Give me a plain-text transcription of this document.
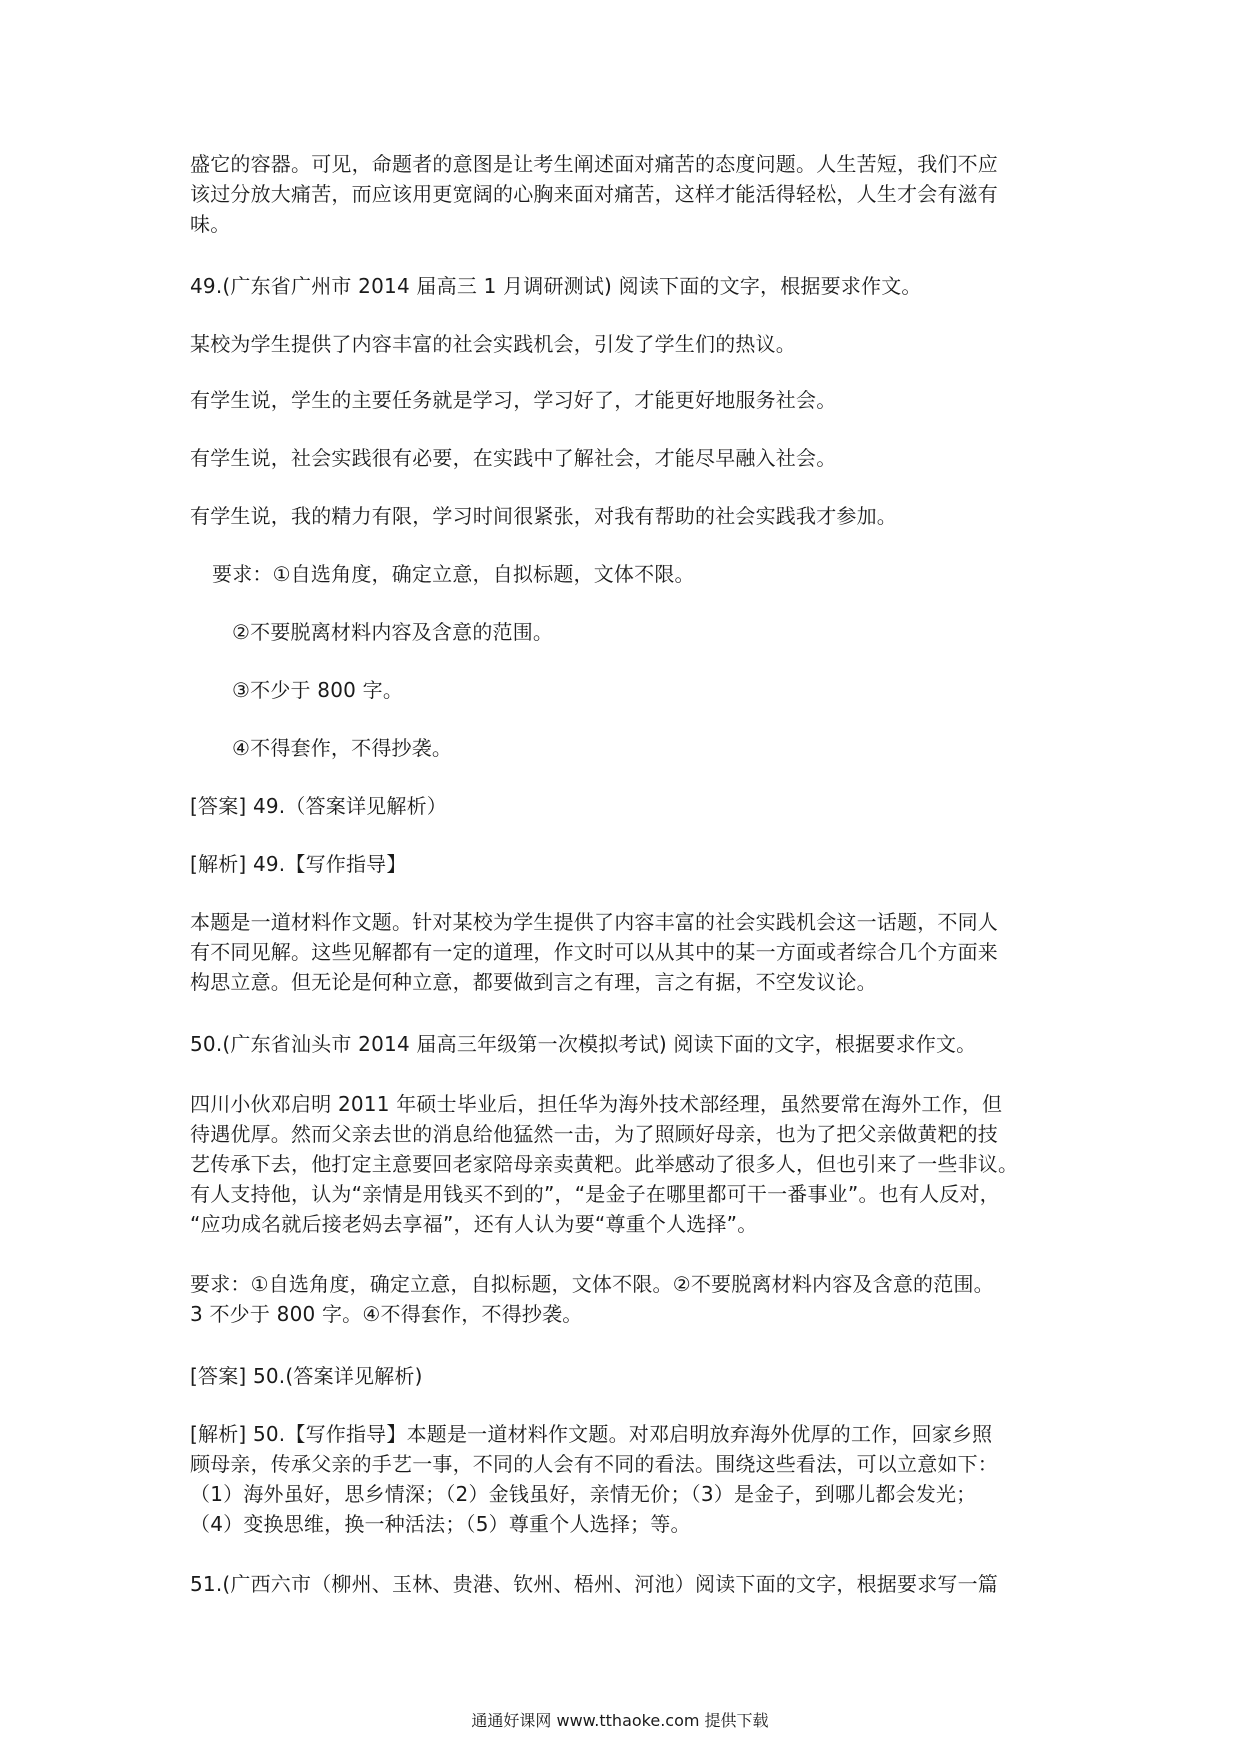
盛它的容器。可见，命题者的意图是让考生阐述面对痛苦的态度问题。人生苦短，我们不应
该过分放大痛苦，而应该用更宽阔的心胸来面对痛苦，这样才能活得轻松，人生才会有滋有
味。
49.(广东省广州市 2014 届高三 1 月调研测试) 阅读下面的文字，根据要求作文。
某校为学生提供了内容丰富的社会实践机会，引发了学生们的热议。
有学生说，学生的主要任务就是学习，学习好了，才能更好地服务社会。
有学生说，社会实践很有必要，在实践中了解社会，才能尽早融入社会。
有学生说，我的精力有限，学习时间很紧张，对我有帮助的社会实践我才参加。
要求：①自选角度，确定立意，自拟标题，文体不限。
②不要脱离材料内容及含意的范围。
③不少于 800 字。
④不得套作，不得抄袭。
[答案] 49.（答案详见解析）
[解析] 49.【写作指导】
本题是一道材料作文题。针对某校为学生提供了内容丰富的社会实践机会这一话题，不同人
有不同见解。这些见解都有一定的道理，作文时可以从其中的某一方面或者综合几个方面来
构思立意。但无论是何种立意，都要做到言之有理，言之有据，不空发议论。
50.(广东省汕头市 2014 届高三年级第一次模拟考试) 阅读下面的文字，根据要求作文。
四川小伙邓启明 2011 年硕士毕业后，担任华为海外技术部经理，虽然要常在海外工作，但
待遇优厚。然而父亲去世的消息给他猛然一击，为了照顾好母亲，也为了把父亲做黄粑的技
艺传承下去，他打定主意要回老家陪母亲卖黄粑。此举感动了很多人，但也引来了一些非议。
有人支持他，认为“亲情是用钱买不到的”，“是金子在哪里都可干一番事业”。也有人反对，
“应功成名就后接老妈去享福”，还有人认为要“尊重个人选择”。
要求：①自选角度，确定立意，自拟标题，文体不限。②不要脱离材料内容及含意的范围。
3 不少于 800 字。④不得套作，不得抄袭。
[答案] 50.(答案详见解析)
[解析] 50.【写作指导】本题是一道材料作文题。对邓启明放弃海外优厚的工作，回家乡照
顾母亲，传承父亲的手艺一事，不同的人会有不同的看法。围绕这些看法，可以立意如下：
（1）海外虽好，思乡情深；（2）金钱虽好，亲情无价；（3）是金子，到哪儿都会发光；
（4）变换思维，换一种活法；（5）尊重个人选择；等。
51.(广西六市（柳州、玉林、贵港、钦州、梧州、河池）阅读下面的文字，根据要求写一篇
通通好课网 www.tthaoke.com 提供下载
